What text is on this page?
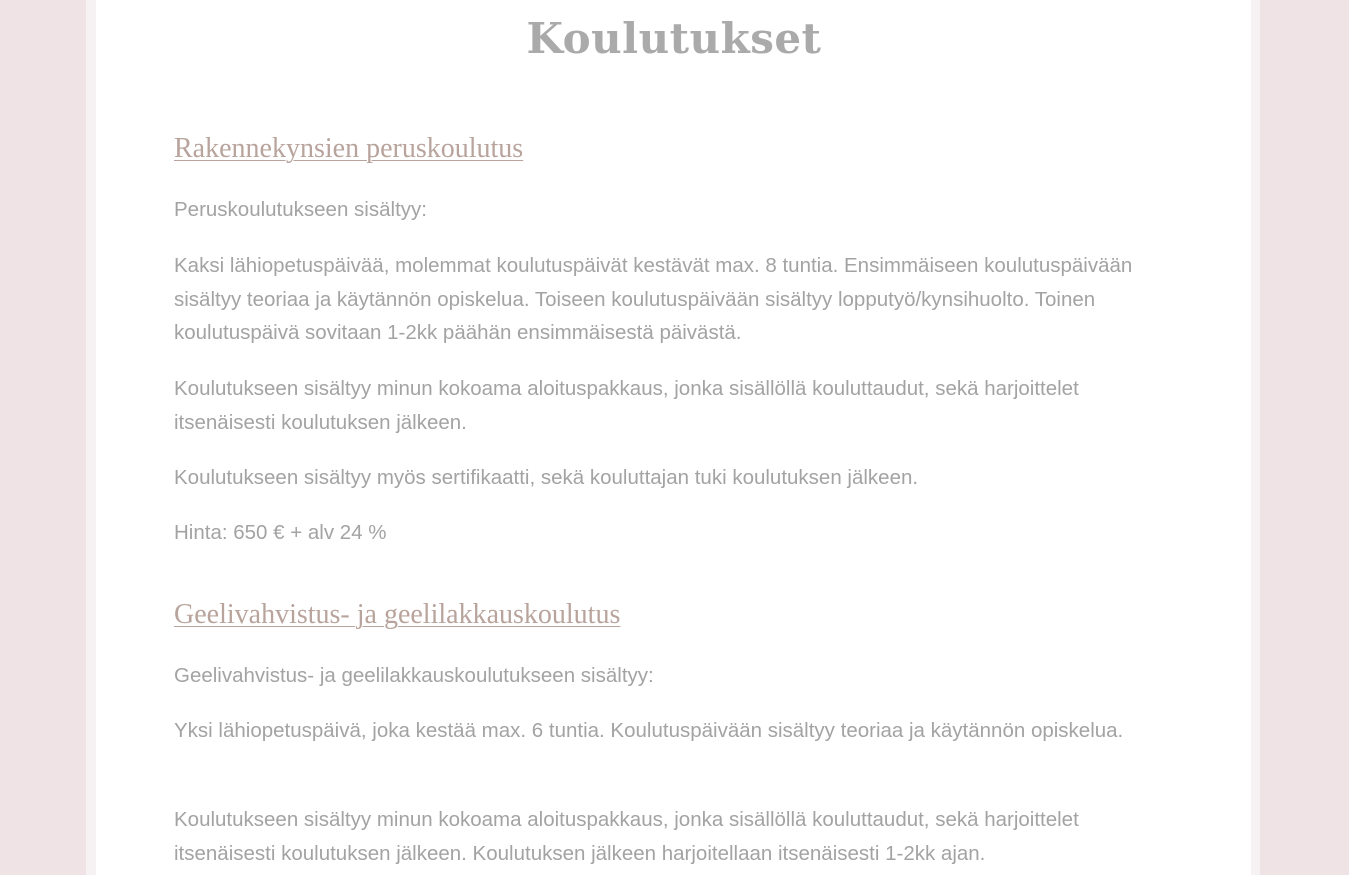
Koulutukset
Rakennekynsien peruskoulutus

Peruskoulutukseen sisältyy:

Kaksi lähiopetuspäivää, molemmat koulutuspäivät kestävät max. 8 tuntia. Ensimmäiseen koulutuspäivään sisältyy teoriaa ja käytännön opiskelua. Toiseen koulutuspäivään sisältyy lopputyö/kynsihuolto. Toinen koulutuspäivä sovitaan 1-2kk päähän ensimmäisestä päivästä.

Koulutukseen sisältyy minun kokoama aloituspakkaus, jonka sisällöllä kouluttaudut, sekä harjoittelet itsenäisesti koulutuksen jälkeen.

Koulutukseen sisältyy myös sertifikaatti, sekä kouluttajan tuki koulutuksen jälkeen.

Hinta: 650 € + alv 24 %

Geelivahvistus- ja geelilakkauskoulutus

Geelivahvistus- ja geelilakkauskoulutukseen sisältyy:

Yksi lähiopetuspäivä, joka kestää max. 6 tuntia. Koulutuspäivään sisältyy teoriaa ja käytännön opiskelua.

Koulutukseen sisältyy minun kokoama aloituspakkaus, jonka sisällöllä kouluttaudut, sekä harjoittelet itsenäisesti koulutuksen jälkeen. Koulutuksen jälkeen harjoitellaan itsenäisesti 1-2kk ajan.
